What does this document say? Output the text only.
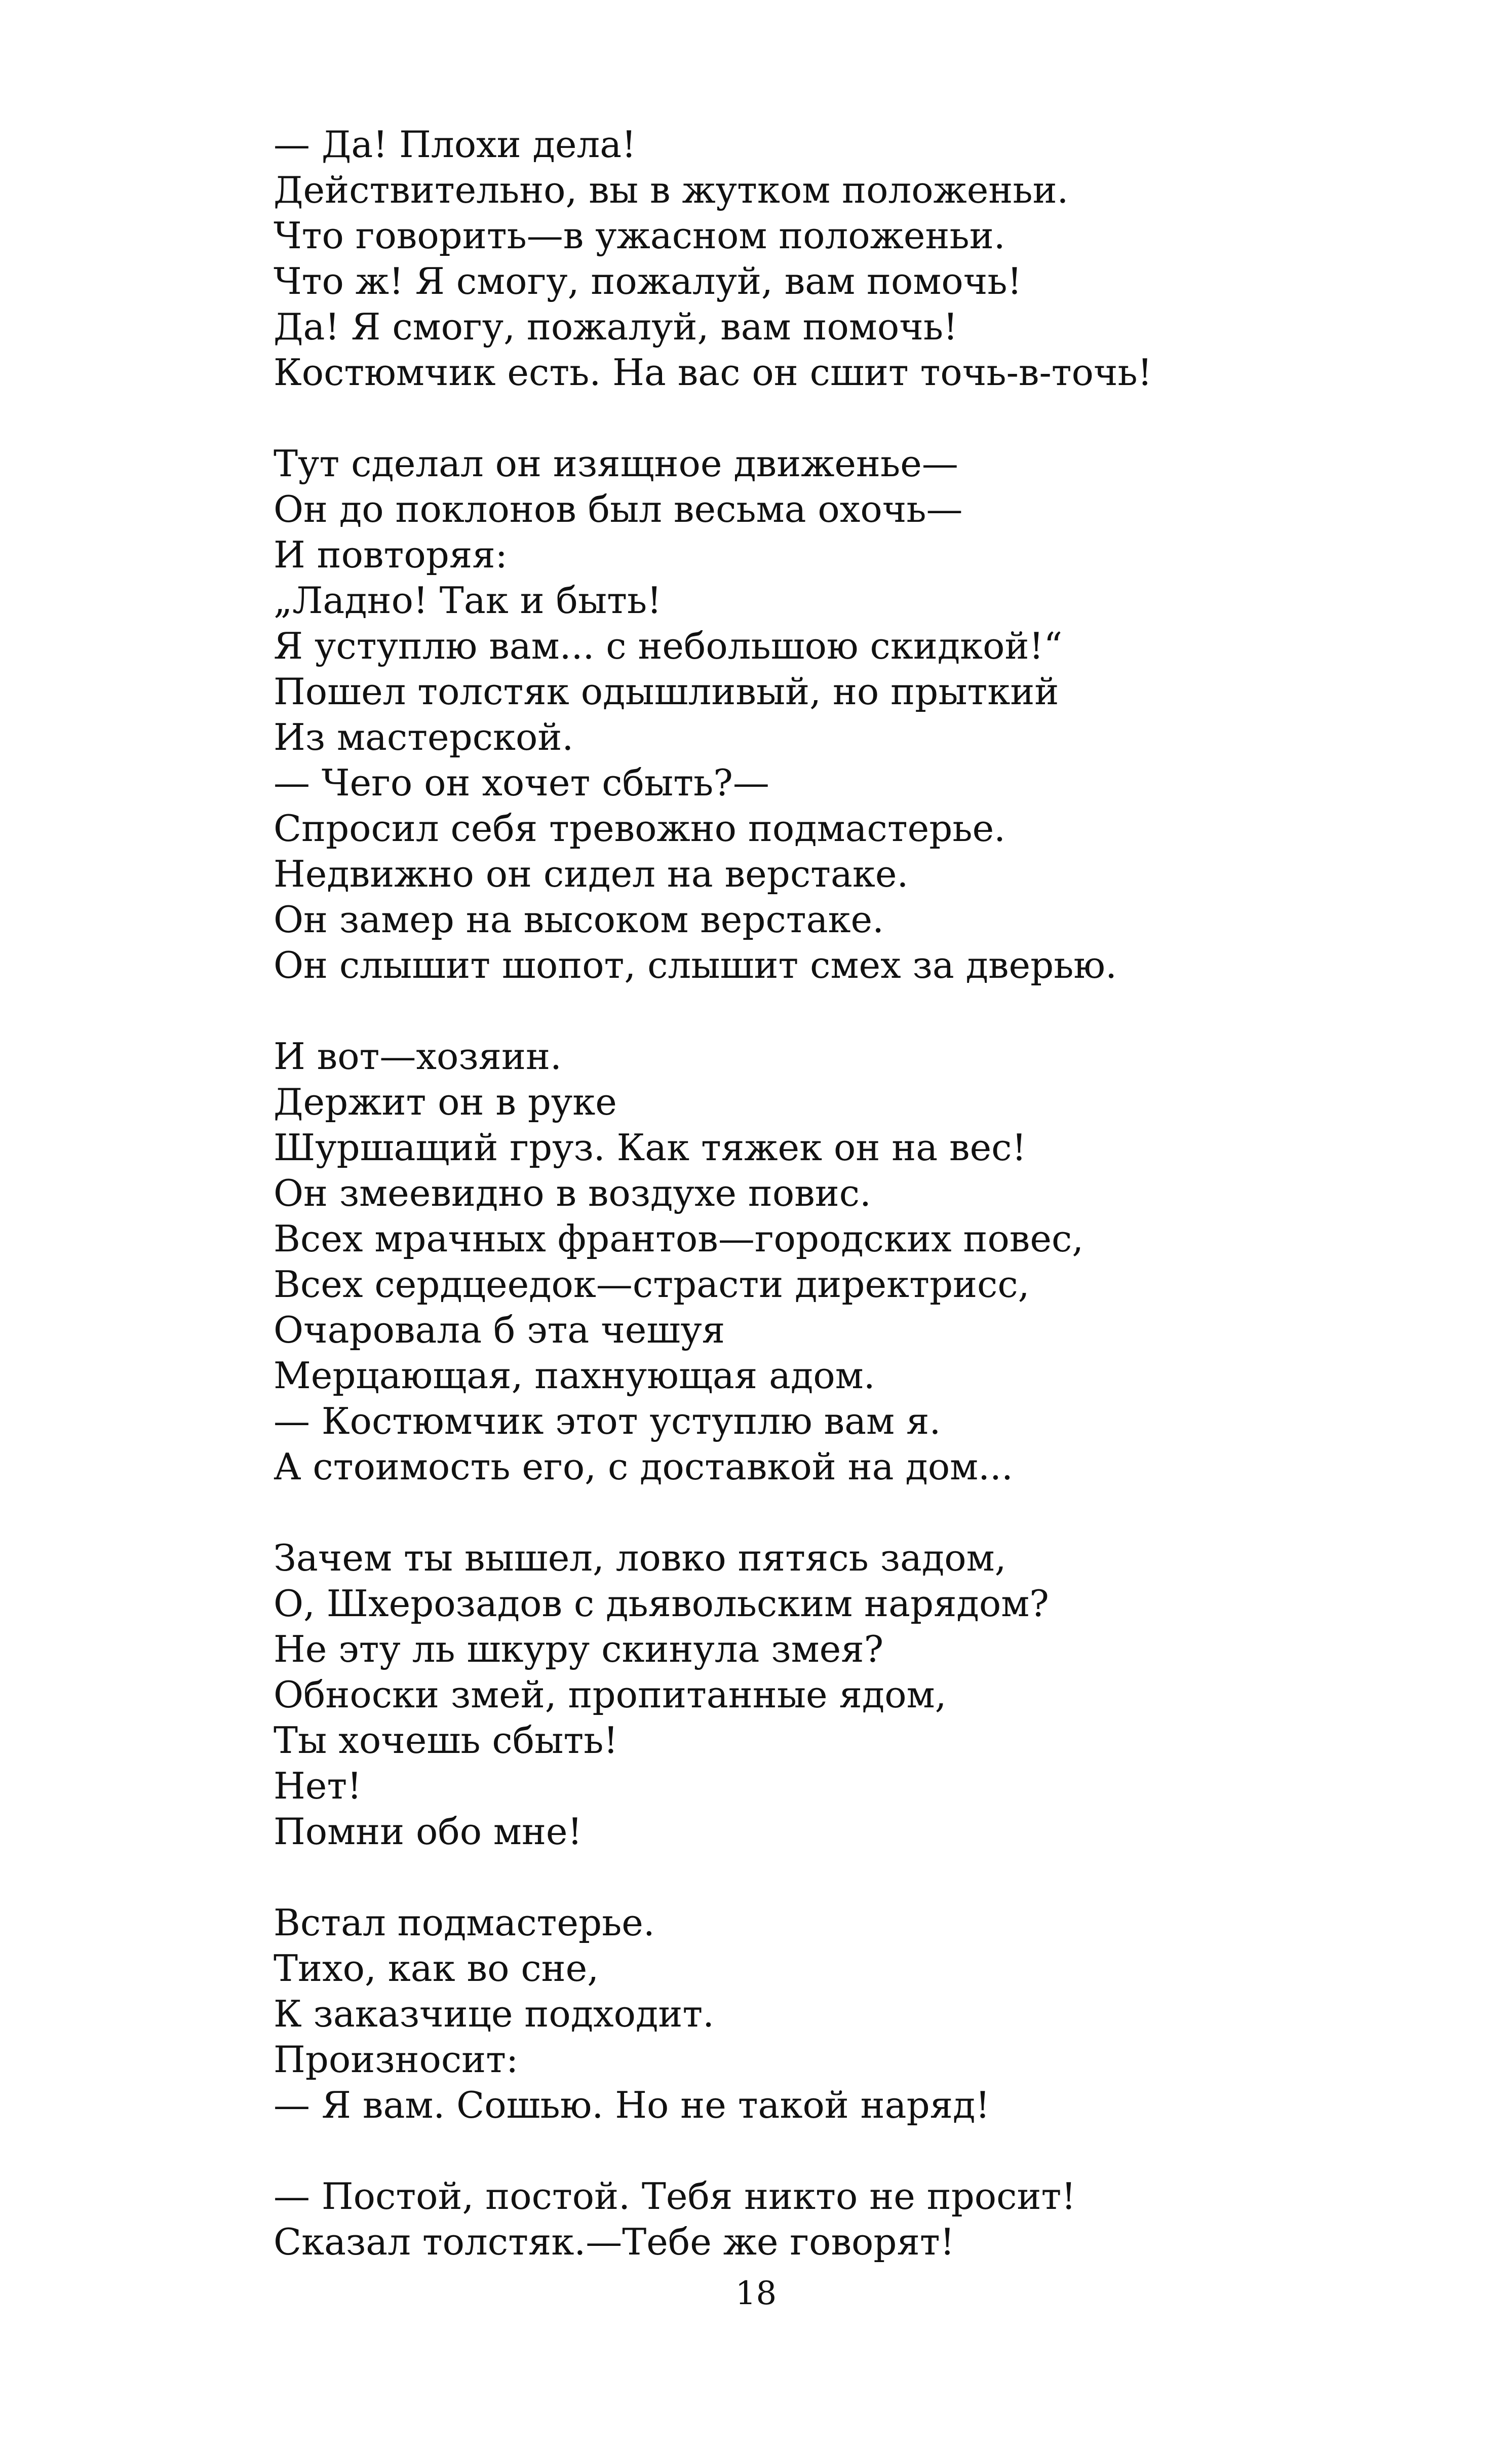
— Да! Плохи дела!
Действительно, вы в жутком положеньи.
Что говорить—в ужасном положеньи.
Что ж! Я смогу, пожалуй, вам помочь!
Да! Я смогу, пожалуй, вам помочь!
Костюмчик есть. На вас он сшит точь-в-точь!
Тут сделал он изящное движенье—
Он до поклонов был весьма охочь—
И повторяя:
„Ладно! Так и быть!
Я уступлю вам... с небольшою скидкой!“
Пошел толстяк одышливый, но прыткий
Из мастерской.
— Чего он хочет сбыть?—
Спросил себя тревожно подмастерье.
Недвижно он сидел на верстаке.
Он замер на высоком верстаке.
Он слышит шопот, слышит смех за дверью.
И вот—хозяин.
Держит он в руке
Шуршащий груз. Как тяжек он на вес!
Он змеевидно в воздухе повис.
Всех мрачных франтов—городских повес,
Всех сердцеедок—страсти директрисс,
Очаровала б эта чешуя
Мерцающая, пахнующая адом.
— Костюмчик этот уступлю вам я.
А стоимость его, с доставкой на дом...
Зачем ты вышел, ловко пятясь задом,
О, Шхерозадов с дьявольским нарядом?
Не эту ль шкуру скинула змея?
Обноски змей, пропитанные ядом,
Ты хочешь сбыть!
Нет!
Помни обо мне!
Встал подмастерье.
Тихо, как во сне,
К заказчице подходит.
Произносит:
— Я вам. Сошью. Но не такой наряд!
— Постой, постой. Тебя никто не просит!
Сказал толстяк.—Тебе же говорят!
18
